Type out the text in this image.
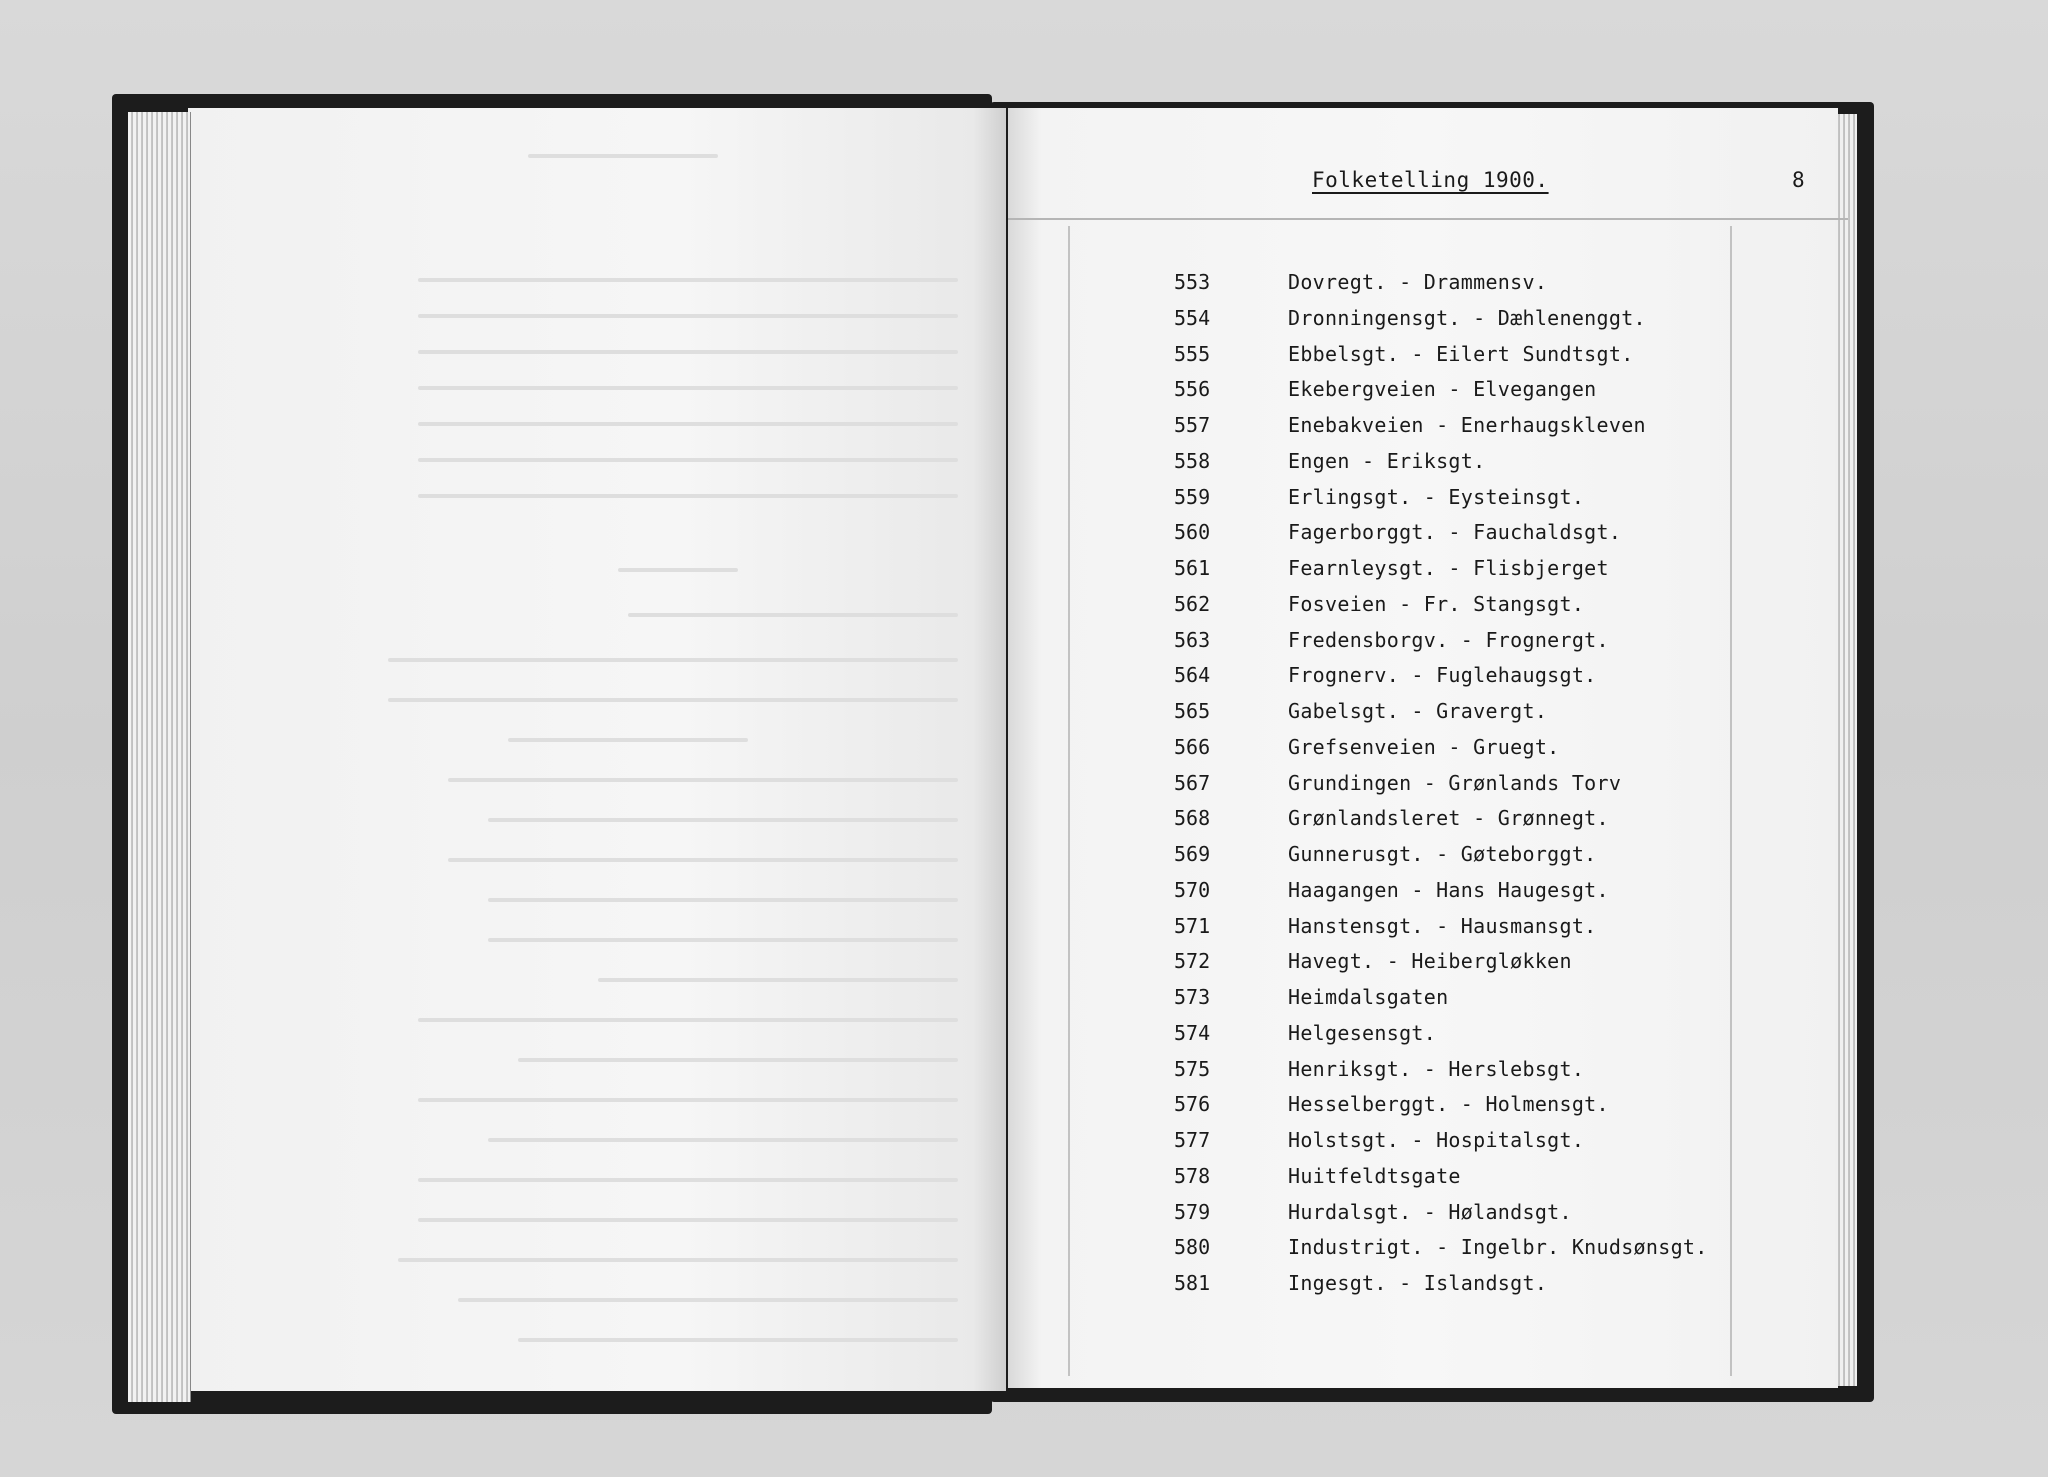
Folketelling 1900.	8
553	Dovregt. - Drammensv.
554	Dronningensgt. - Dæhlenenggt.
555	Ebbelsgt. - Eilert Sundtsgt.
556	Ekebergveien - Elvegangen
557	Enebakveien - Enerhaugskleven
558	Engen - Eriksgt.
559	Erlingsgt. - Eysteinsgt.
560	Fagerborggt. - Fauchaldsgt.
561	Fearnleysgt. - Flisbjerget
562	Fosveien - Fr. Stangsgt.
563	Fredensborgv. - Frognergt.
564	Frognerv. - Fuglehaugsgt.
565	Gabelsgt. - Gravergt.
566	Grefsenveien - Gruegt.
567	Grundingen - Grønlands Torv
568	Grønlandsleret - Grønnegt.
569	Gunnerusgt. - Gøteborggt.
570	Haagangen - Hans Haugesgt.
571	Hanstensgt. - Hausmansgt.
572	Havegt. - Heibergløkken
573	Heimdalsgaten
574	Helgesensgt.
575	Henriksgt. - Herslebsgt.
576	Hesselberggt. - Holmensgt.
577	Holstsgt. - Hospitalsgt.
578	Huitfeldtsgate
579	Hurdalsgt. - Hølandsgt.
580	Industrigt. - Ingelbr. Knudsønsgt.
581	Ingesgt. - Islandsgt.
